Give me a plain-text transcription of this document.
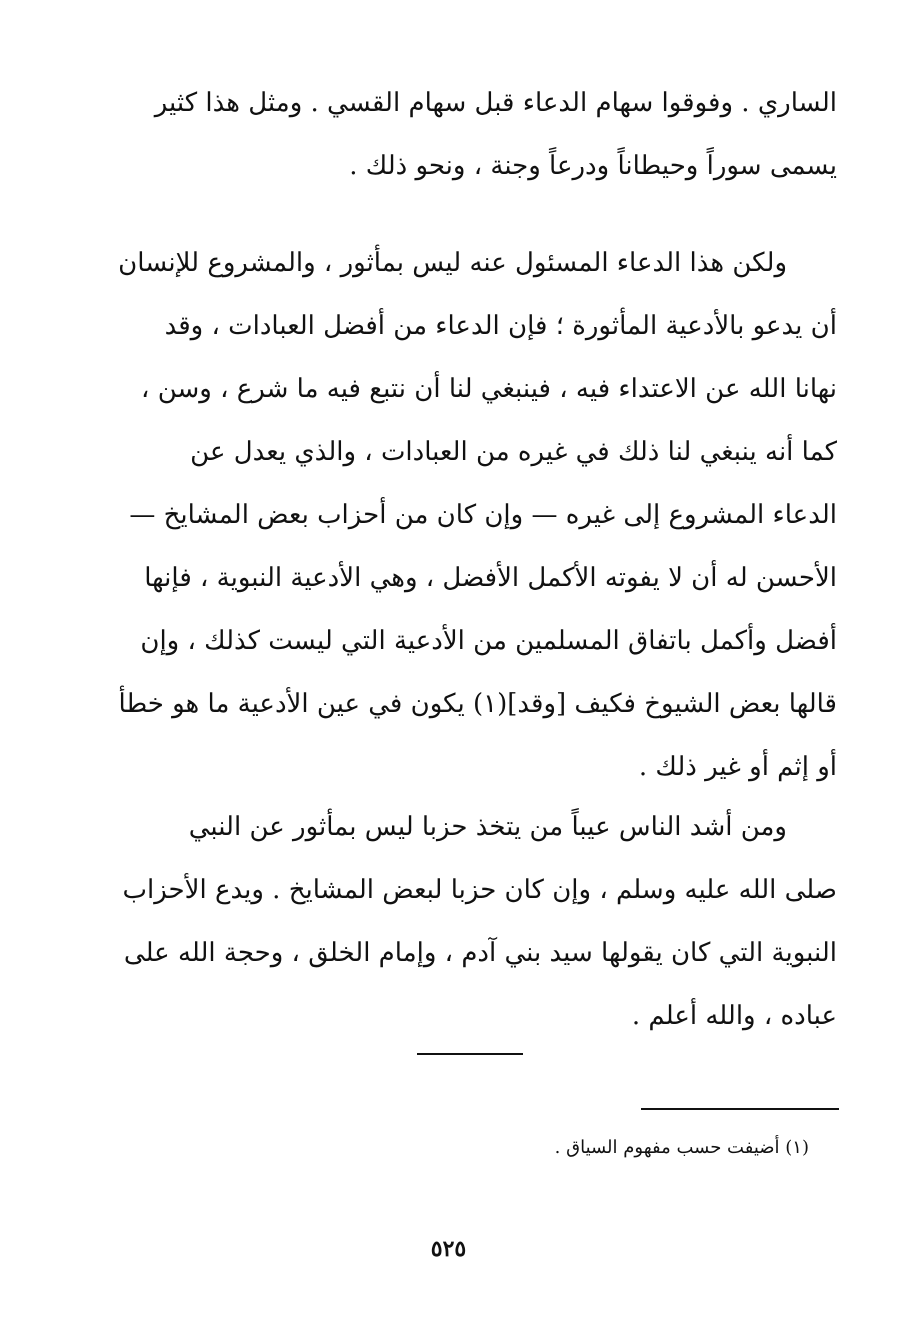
الساري . وفوقوا سهام الدعاء قبل سهام القسي . ومثل هذا كثير
يسمى سوراً وحيطاناً ودرعاً وجنة ، ونحو ذلك .
ولكن هذا الدعاء المسئول عنه ليس بمأثور ، والمشروع للإنسان
أن يدعو بالأدعية المأثورة ؛ فإن الدعاء من أفضل العبادات ، وقد
نهانا الله عن الاعتداء فيه ، فينبغي لنا أن نتبع فيه ما شرع ، وسن ،
كما أنه ينبغي لنا ذلك في غيره من العبادات ، والذي يعدل عن
الدعاء المشروع إلى غيره — وإن كان من أحزاب بعض المشايخ —
الأحسن له أن لا يفوته الأكمل الأفضل ، وهي الأدعية النبوية ، فإنها
أفضل وأكمل باتفاق المسلمين من الأدعية التي ليست كذلك ، وإن
قالها بعض الشيوخ فكيف [وقد](١) يكون في عين الأدعية ما هو خطأ
أو إثم أو غير ذلك .
ومن أشد الناس عيباً من يتخذ حزبا ليس بمأثور عن النبي
صلى الله عليه وسلم ، وإن كان حزبا لبعض المشايخ . ويدع الأحزاب
النبوية التي كان يقولها سيد بني آدم ، وإمام الخلق ، وحجة الله على
عباده ، والله أعلم .
(١) أضيفت حسب مفهوم السياق .
٥٢٥
